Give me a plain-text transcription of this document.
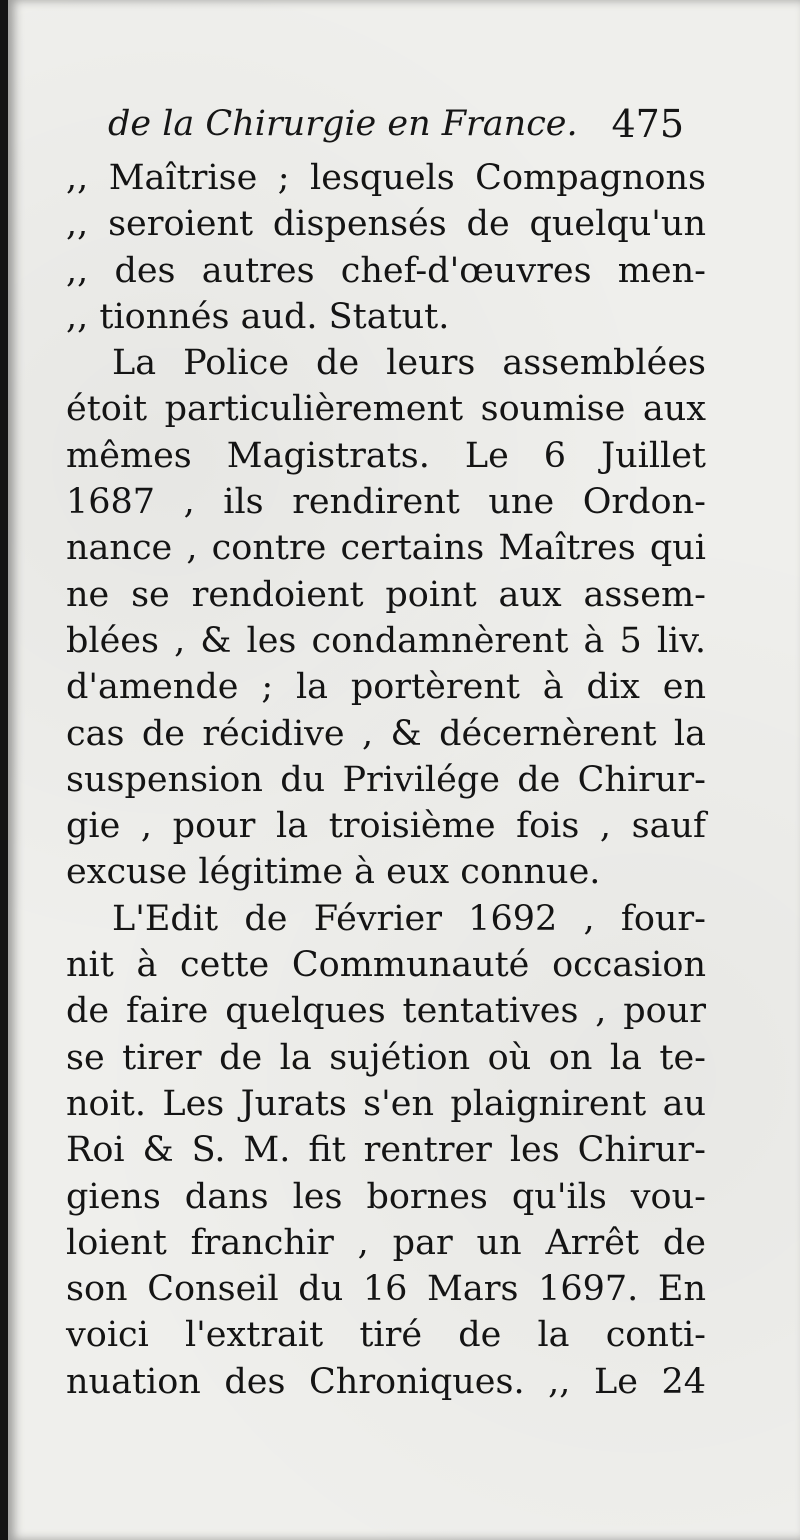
de la Chirurgie en France. 475
,, Maîtrise ; lesquels Compagnons
,, seroient dispensés de quelqu'un
,, des autres chef-d'œuvres men-
,, tionnés aud. Statut.
La Police de leurs assemblées
étoit particulièrement soumise aux
mêmes Magistrats. Le 6 Juillet
1687 , ils rendirent une Ordon-
nance , contre certains Maîtres qui
ne se rendoient point aux assem-
blées , & les condamnèrent à 5 liv.
d'amende ; la portèrent à dix en
cas de récidive , & décernèrent la
suspension du Privilége de Chirur-
gie , pour la troisième fois , sauf
excuse légitime à eux connue.
L'Edit de Février 1692 , four-
nit à cette Communauté occasion
de faire quelques tentatives , pour
se tirer de la sujétion où on la te-
noit. Les Jurats s'en plaignirent au
Roi & S. M. fit rentrer les Chirur-
giens dans les bornes qu'ils vou-
loient franchir , par un Arrêt de
son Conseil du 16 Mars 1697. En
voici l'extrait tiré de la conti-
nuation des Chroniques. ,, Le 24
